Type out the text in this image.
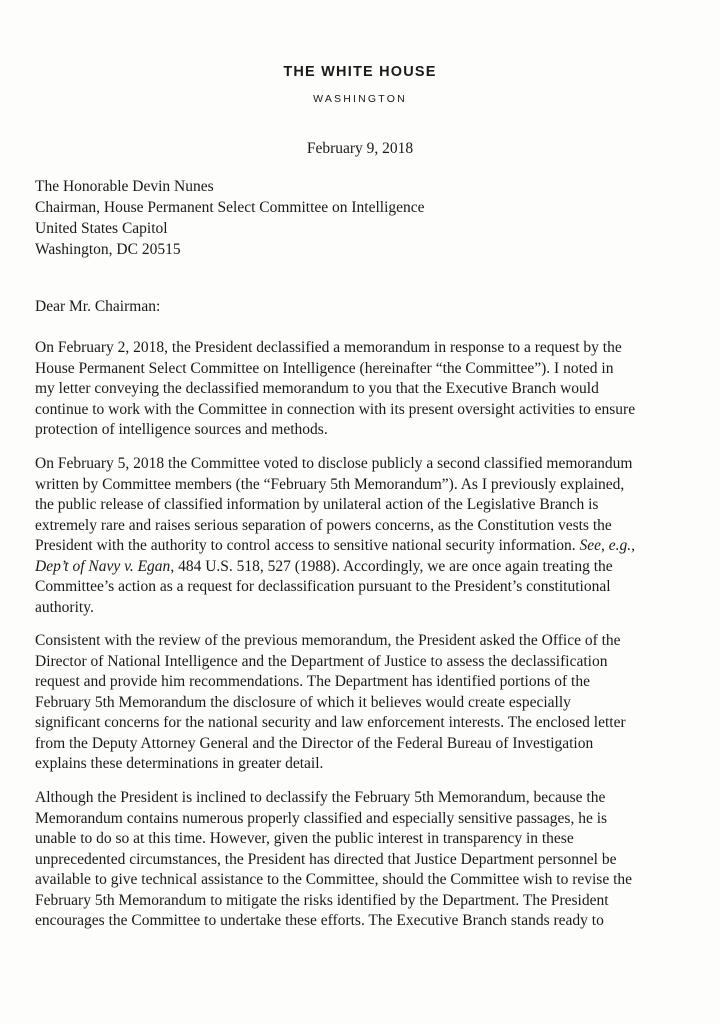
THE WHITE HOUSE
WASHINGTON
February 9, 2018
The Honorable Devin Nunes
Chairman, House Permanent Select Committee on Intelligence
United States Capitol
Washington, DC 20515
Dear Mr. Chairman:
On February 2, 2018, the President declassified a memorandum in response to a request by the
House Permanent Select Committee on Intelligence (hereinafter “the Committee”). I noted in
my letter conveying the declassified memorandum to you that the Executive Branch would
continue to work with the Committee in connection with its present oversight activities to ensure
protection of intelligence sources and methods.
On February 5, 2018 the Committee voted to disclose publicly a second classified memorandum
written by Committee members (the “February 5th Memorandum”). As I previously explained,
the public release of classified information by unilateral action of the Legislative Branch is
extremely rare and raises serious separation of powers concerns, as the Constitution vests the
President with the authority to control access to sensitive national security information. See, e.g.,
Dep’t of Navy v. Egan, 484 U.S. 518, 527 (1988). Accordingly, we are once again treating the
Committee’s action as a request for declassification pursuant to the President’s constitutional
authority.
Consistent with the review of the previous memorandum, the President asked the Office of the
Director of National Intelligence and the Department of Justice to assess the declassification
request and provide him recommendations. The Department has identified portions of the
February 5th Memorandum the disclosure of which it believes would create especially
significant concerns for the national security and law enforcement interests. The enclosed letter
from the Deputy Attorney General and the Director of the Federal Bureau of Investigation
explains these determinations in greater detail.
Although the President is inclined to declassify the February 5th Memorandum, because the
Memorandum contains numerous properly classified and especially sensitive passages, he is
unable to do so at this time. However, given the public interest in transparency in these
unprecedented circumstances, the President has directed that Justice Department personnel be
available to give technical assistance to the Committee, should the Committee wish to revise the
February 5th Memorandum to mitigate the risks identified by the Department. The President
encourages the Committee to undertake these efforts. The Executive Branch stands ready to
